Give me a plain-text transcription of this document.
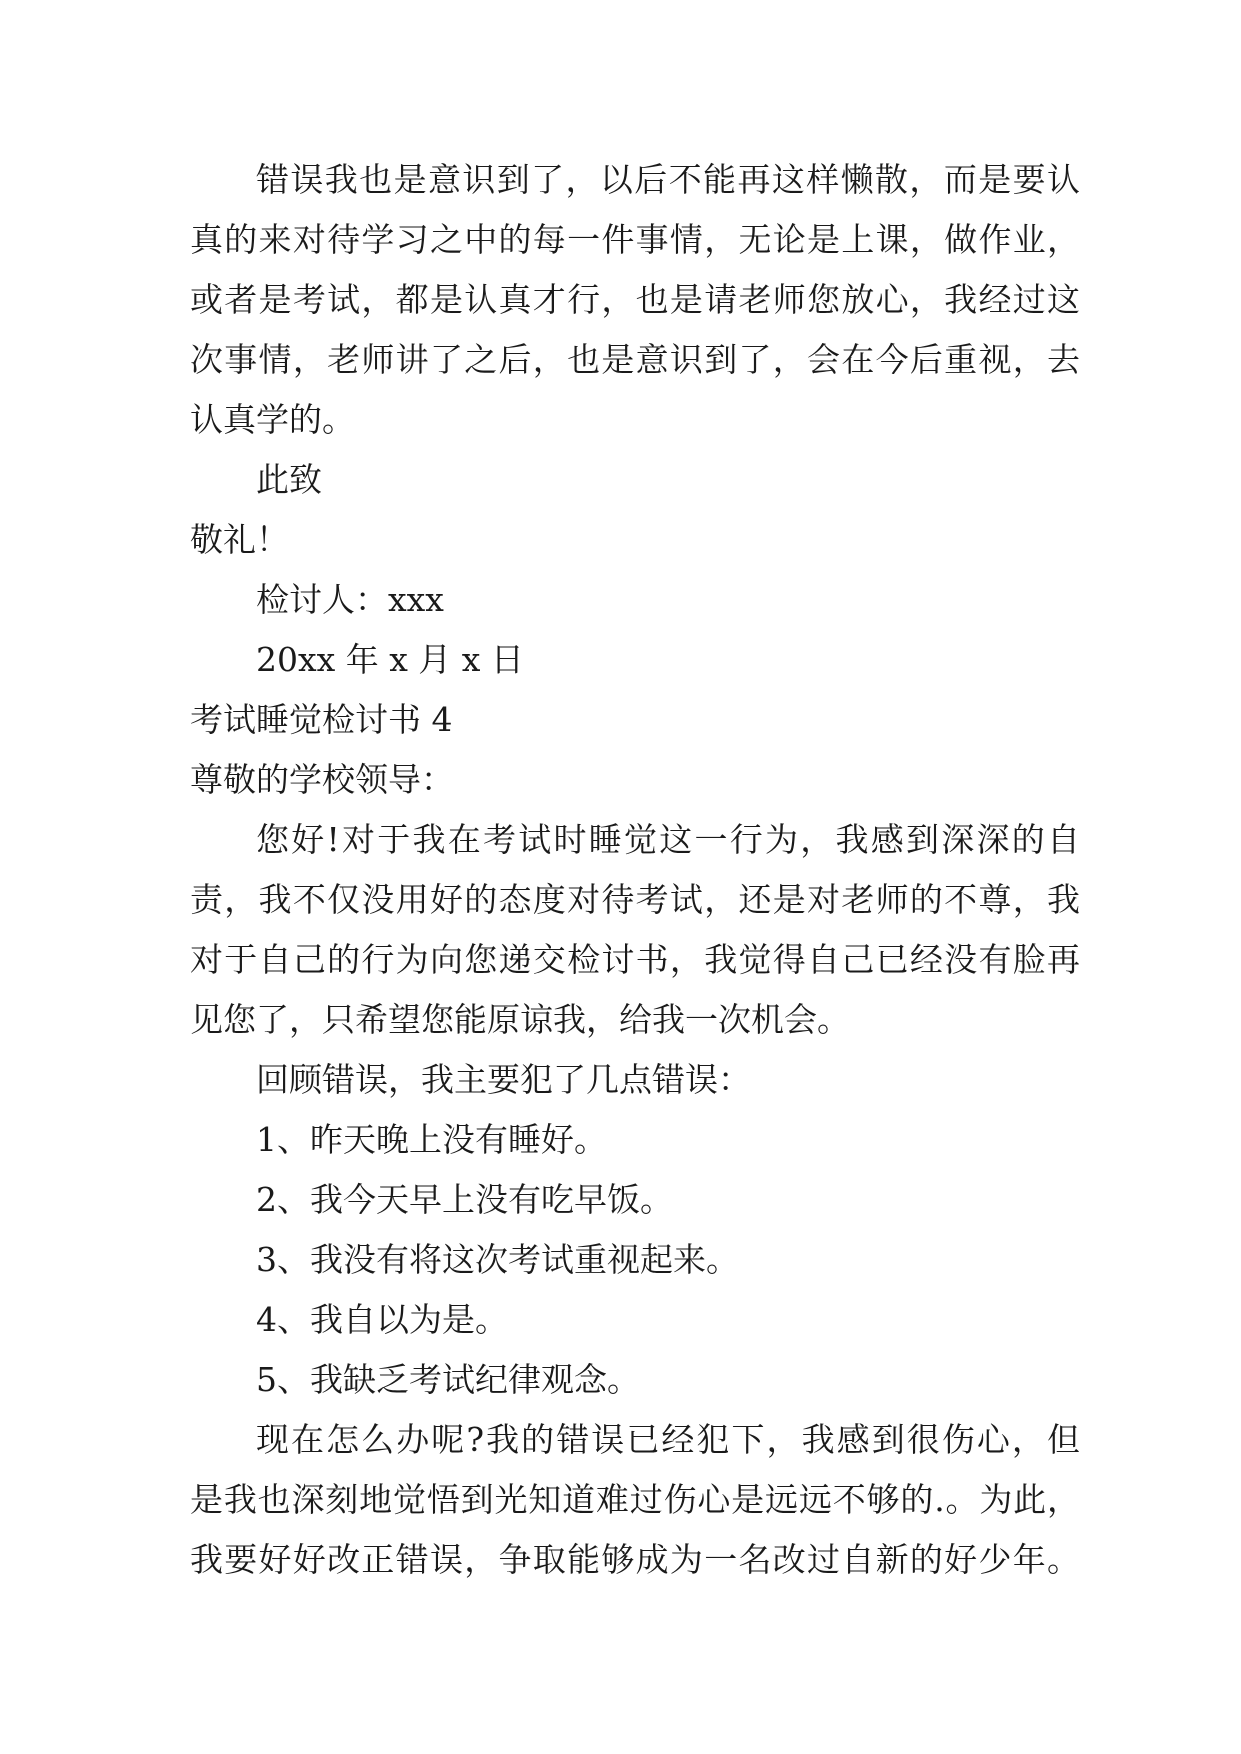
错误我也是意识到了，以后不能再这样懒散，而是要认
真的来对待学习之中的每一件事情，无论是上课，做作业，
或者是考试，都是认真才行，也是请老师您放心，我经过这
次事情，老师讲了之后，也是意识到了，会在今后重视，去
认真学的。
此致
敬礼！
检讨人：xxx
20xx 年 x 月 x 日
考试睡觉检讨书 4
尊敬的学校领导：
您好!对于我在考试时睡觉这一行为，我感到深深的自
责，我不仅没用好的态度对待考试，还是对老师的不尊，我
对于自己的行为向您递交检讨书，我觉得自己已经没有脸再
见您了，只希望您能原谅我，给我一次机会。
回顾错误，我主要犯了几点错误：
1、昨天晚上没有睡好。
2、我今天早上没有吃早饭。
3、我没有将这次考试重视起来。
4、我自以为是。
5、我缺乏考试纪律观念。
现在怎么办呢?我的错误已经犯下，我感到很伤心，但
是我也深刻地觉悟到光知道难过伤心是远远不够的.。为此，
我要好好改正错误，争取能够成为一名改过自新的好少年。
